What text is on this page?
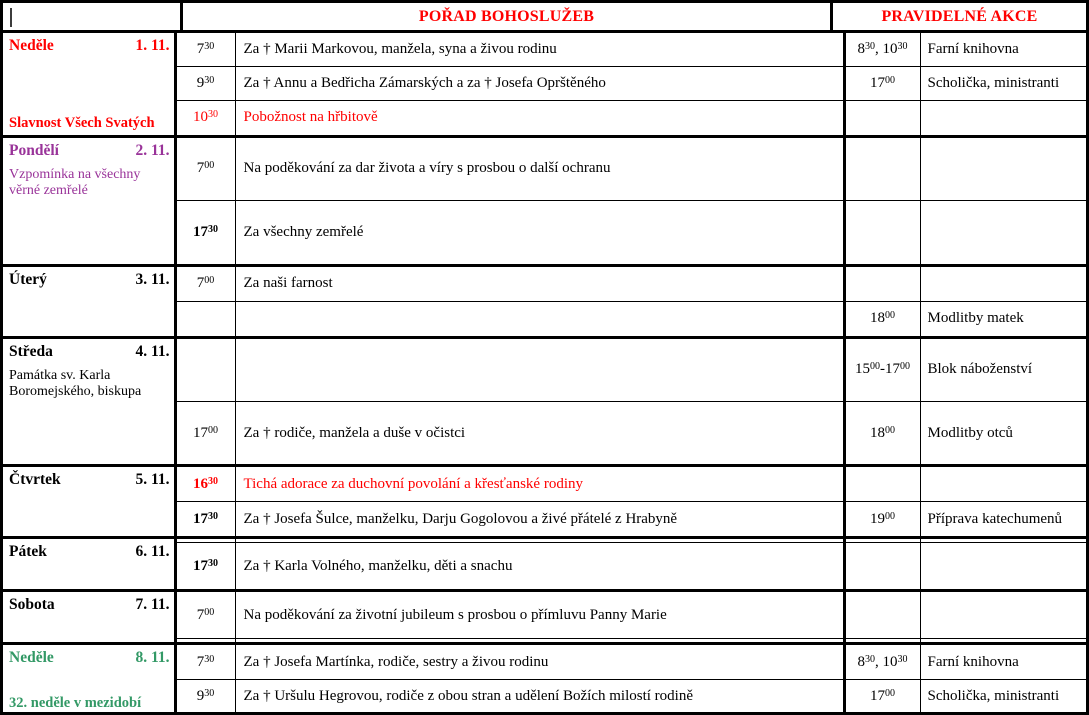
POŘAD BOHOSLUŽEB	PRAVIDELNÉ AKCE
Neděle 1. 11.
Slavnost Všech Svatých	$7^{30}$	Za † Marii Markovou, manžela, syna a živou rodinu	$8^{30}$, $10^{30}$	Farní knihovna
	$9^{30}$	Za † Annu a Bedřicha Zámarských a za † Josefa Oprštěného	$17^{00}$	Scholička, ministranti
	$10^{30}$	Pobožnost na hřbitově		

Pondělí 2. 11.
Vzpomínka na všechny věrné zemřelé	$7^{00}$	Na poděkování za dar života a víry s prosbou o další ochranu		
	$17^{30}$	Za všechny zemřelé		

Úterý 3. 11.	$7^{00}$	Za naši farnost		
			$18^{00}$	Modlitby matek

Středa 4. 11.
Památka sv. Karla Boromejského, biskupa			$15^{00}-17^{00}$	Blok náboženství
	$17^{00}$	Za † rodiče, manžela a duše v očistci	$18^{00}$	Modlitby otců

Čtvrtek 5. 11.	$16^{30}$	Tichá adorace za duchovní povolání a křesťanské rodiny		
	$17^{30}$	Za † Josefa Šulce, manželku, Darju Gogolovou a živé přátelé z Hrabyně	$19^{00}$	Příprava katechumenů

Pátek 6. 11.				

	$17^{30}$	Za † Karla Volného, manželku, děti a snachu		

Sobota 7. 11.	$7^{00}$	Na poděkování za životní jubileum s prosbou o přímluvu Panny Marie		

Neděle 8. 11.
32. neděle v mezidobí	$7^{30}$	Za † Josefa Martínka, rodiče, sestry a živou rodinu	$8^{30}$, $10^{30}$	Farní knihovna
	$9^{30}$	Za † Uršulu Hegrovou, rodiče z obou stran a udělení Božích milostí rodině	$17^{00}$	Scholička, ministranti
